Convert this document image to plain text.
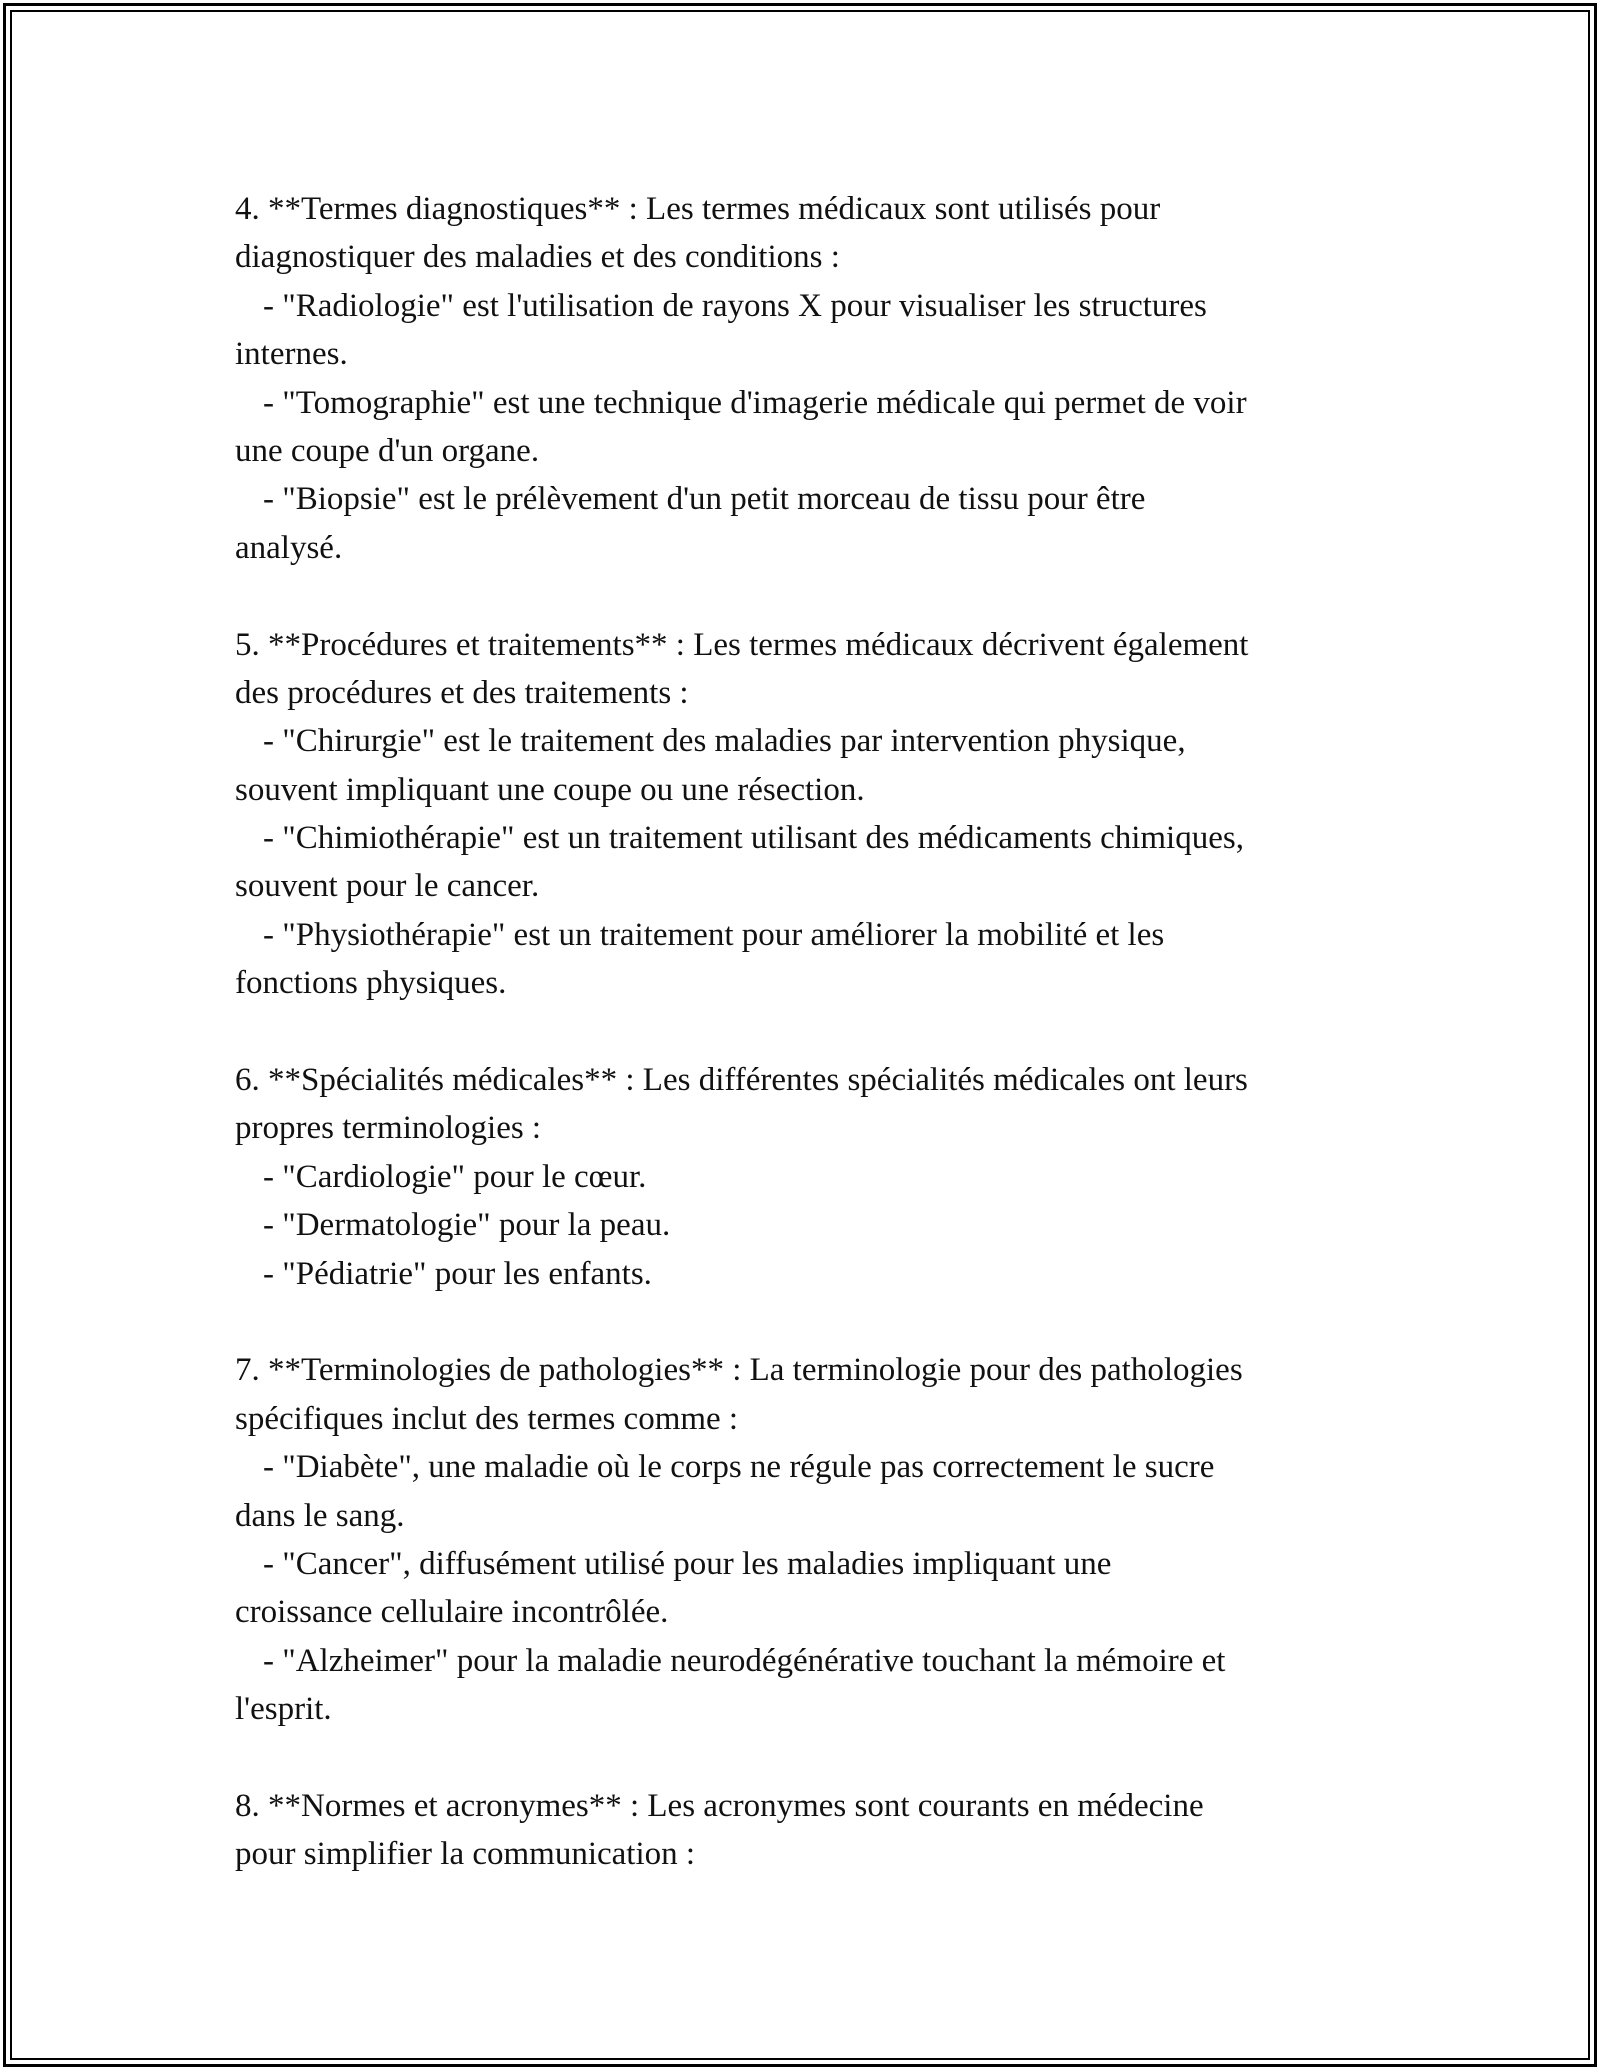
4. **Termes diagnostiques** : Les termes médicaux sont utilisés pour
diagnostiquer des maladies et des conditions :
- "Radiologie" est l'utilisation de rayons X pour visualiser les structures
internes.
- "Tomographie" est une technique d'imagerie médicale qui permet de voir
une coupe d'un organe.
- "Biopsie" est le prélèvement d'un petit morceau de tissu pour être
analysé.
5. **Procédures et traitements** : Les termes médicaux décrivent également
des procédures et des traitements :
- "Chirurgie" est le traitement des maladies par intervention physique,
souvent impliquant une coupe ou une résection.
- "Chimiothérapie" est un traitement utilisant des médicaments chimiques,
souvent pour le cancer.
- "Physiothérapie" est un traitement pour améliorer la mobilité et les
fonctions physiques.
6. **Spécialités médicales** : Les différentes spécialités médicales ont leurs
propres terminologies :
- "Cardiologie" pour le cœur.
- "Dermatologie" pour la peau.
- "Pédiatrie" pour les enfants.
7. **Terminologies de pathologies** : La terminologie pour des pathologies
spécifiques inclut des termes comme :
- "Diabète", une maladie où le corps ne régule pas correctement le sucre
dans le sang.
- "Cancer", diffusément utilisé pour les maladies impliquant une
croissance cellulaire incontrôlée.
- "Alzheimer" pour la maladie neurodégénérative touchant la mémoire et
l'esprit.
8. **Normes et acronymes** : Les acronymes sont courants en médecine
pour simplifier la communication :
